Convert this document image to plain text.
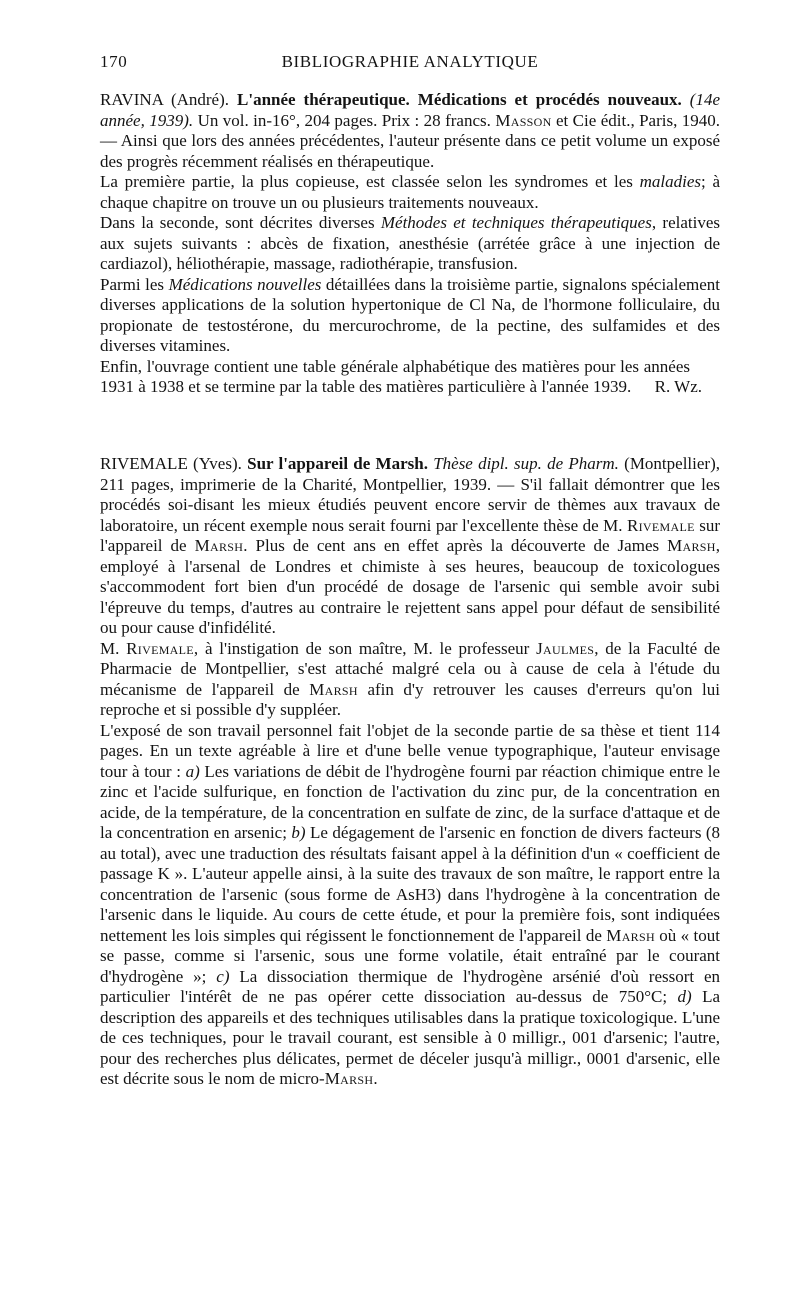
170	BIBLIOGRAPHIE ANALYTIQUE

RAVINA (André). L'année thérapeutique. Médications et procédés nouveaux. (14e année, 1939). Un vol. in-16°, 204 pages. Prix : 28 francs. Masson et Cie édit., Paris, 1940. — Ainsi que lors des années précédentes, l'auteur présente dans ce petit volume un exposé des progrès récemment réalisés en thérapeutique.

La première partie, la plus copieuse, est classée selon les syndromes et les maladies; à chaque chapitre on trouve un ou plusieurs traitements nouveaux.

Dans la seconde, sont décrites diverses Méthodes et techniques thérapeutiques, relatives aux sujets suivants : abcès de fixation, anesthésie (arrétée grâce à une injection de cardiazol), héliothérapie, massage, radiothérapie, transfusion.

Parmi les Médications nouvelles détaillées dans la troisième partie, signalons spécialement diverses applications de la solution hypertonique de Cl Na, de l'hormone folliculaire, du propionate de testostérone, du mercurochrome, de la pectine, des sulfamides et des diverses vitamines.

Enfin, l'ouvrage contient une table générale alphabétique des matières pour les années 1931 à 1938 et se termine par la table des matières particulière à l'année 1939.	R. Wz.

RIVEMALE (Yves). Sur l'appareil de Marsh. Thèse dipl. sup. de Pharm. (Montpellier), 211 pages, imprimerie de la Charité, Montpellier, 1939. — S'il fallait démontrer que les procédés soi-disant les mieux étudiés peuvent encore servir de thèmes aux travaux de laboratoire, un récent exemple nous serait fourni par l'excellente thèse de M. Rivemale sur l'appareil de Marsh. Plus de cent ans en effet après la découverte de James Marsh, employé à l'arsenal de Londres et chimiste à ses heures, beaucoup de toxicologues s'accommodent fort bien d'un procédé de dosage de l'arsenic qui semble avoir subi l'épreuve du temps, d'autres au contraire le rejettent sans appel pour défaut de sensibilité ou pour cause d'infidélité.

M. Rivemale, à l'instigation de son maître, M. le professeur Jaulmes, de la Faculté de Pharmacie de Montpellier, s'est attaché malgré cela ou à cause de cela à l'étude du mécanisme de l'appareil de Marsh afin d'y retrouver les causes d'erreurs qu'on lui reproche et si possible d'y suppléer.

L'exposé de son travail personnel fait l'objet de la seconde partie de sa thèse et tient 114 pages. En un texte agréable à lire et d'une belle venue typographique, l'auteur envisage tour à tour : a) Les variations de débit de l'hydrogène fourni par réaction chimique entre le zinc et l'acide sulfurique, en fonction de l'activation du zinc pur, de la concentration en acide, de la température, de la concentration en sulfate de zinc, de la surface d'attaque et de la concentration en arsenic; b) Le dégagement de l'arsenic en fonction de divers facteurs (8 au total), avec une traduction des résultats faisant appel à la définition d'un « coefficient de passage K ». L'auteur appelle ainsi, à la suite des travaux de son maître, le rapport entre la concentration de l'arsenic (sous forme de AsH3) dans l'hydrogène à la concentration de l'arsenic dans le liquide. Au cours de cette étude, et pour la première fois, sont indiquées nettement les lois simples qui régissent le fonctionnement de l'appareil de Marsh où « tout se passe, comme si l'arsenic, sous une forme volatile, était entraîné par le courant d'hydrogène »; c) La dissociation thermique de l'hydrogène arsénié d'où ressort en particulier l'intérêt de ne pas opérer cette dissociation au-dessus de 750°C; d) La description des appareils et des techniques utilisables dans la pratique toxicologique. L'une de ces techniques, pour le travail courant, est sensible à 0 milligr., 001 d'arsenic; l'autre, pour des recherches plus délicates, permet de déceler jusqu'à milligr., 0001 d'arsenic, elle est décrite sous le nom de micro-Marsh.
